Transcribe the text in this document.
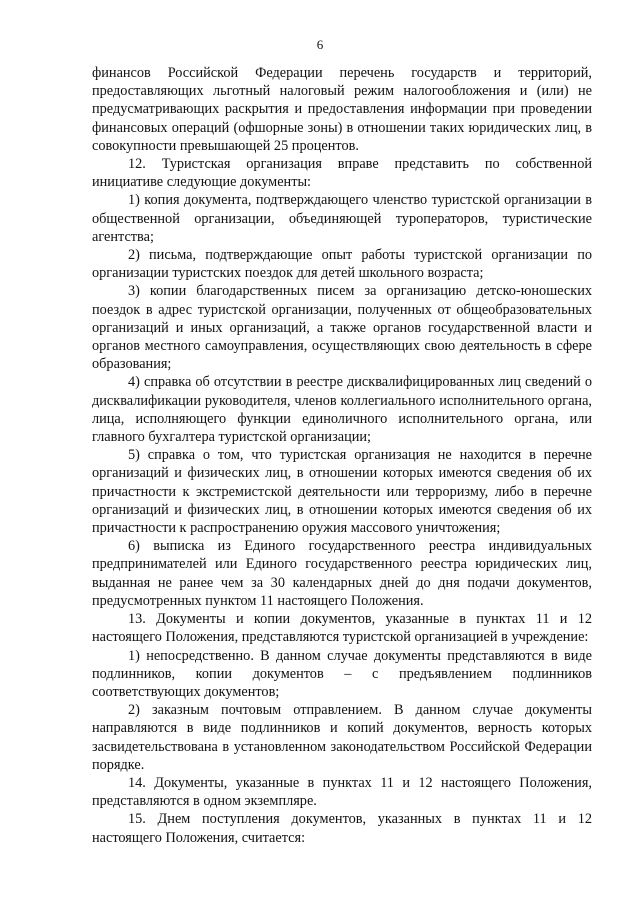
6

финансов Российской Федерации перечень государств и территорий, предоставляющих льготный налоговый режим налогообложения и (или) не предусматривающих раскрытия и предоставления информации при проведении финансовых операций (офшорные зоны) в отношении таких юридических лиц, в совокупности превышающей 25 процентов.

12. Туристская организация вправе представить по собственной инициативе следующие документы:

1) копия документа, подтверждающего членство туристской организации в общественной организации, объединяющей туроператоров, туристические агентства;

2) письма, подтверждающие опыт работы туристской организации по организации туристских поездок для детей школьного возраста;

3) копии благодарственных писем за организацию детско-юношеских поездок в адрес туристской организации, полученных от общеобразовательных организаций и иных организаций, а также органов государственной власти и органов местного самоуправления, осуществляющих свою деятельность в сфере образования;

4) справка об отсутствии в реестре дисквалифицированных лиц сведений о дисквалификации руководителя, членов коллегиального исполнительного органа, лица, исполняющего функции единоличного исполнительного органа, или главного бухгалтера туристской организации;

5) справка о том, что туристская организация не находится в перечне организаций и физических лиц, в отношении которых имеются сведения об их причастности к экстремистской деятельности или терроризму, либо в перечне организаций и физических лиц, в отношении которых имеются сведения об их причастности к распространению оружия массового уничтожения;

6) выписка из Единого государственного реестра индивидуальных предпринимателей или Единого государственного реестра юридических лиц, выданная не ранее чем за 30 календарных дней до дня подачи документов, предусмотренных пунктом 11 настоящего Положения.

13. Документы и копии документов, указанные в пунктах 11 и 12 настоящего Положения, представляются туристской организацией в учреждение:

1) непосредственно. В данном случае документы представляются в виде подлинников, копии документов – с предъявлением подлинников соответствующих документов;

2) заказным почтовым отправлением. В данном случае документы направляются в виде подлинников и копий документов, верность которых засвидетельствована в установленном законодательством Российской Федерации порядке.

14. Документы, указанные в пунктах 11 и 12 настоящего Положения, представляются в одном экземпляре.

15. Днем поступления документов, указанных в пунктах 11 и 12 настоящего Положения, считается:
